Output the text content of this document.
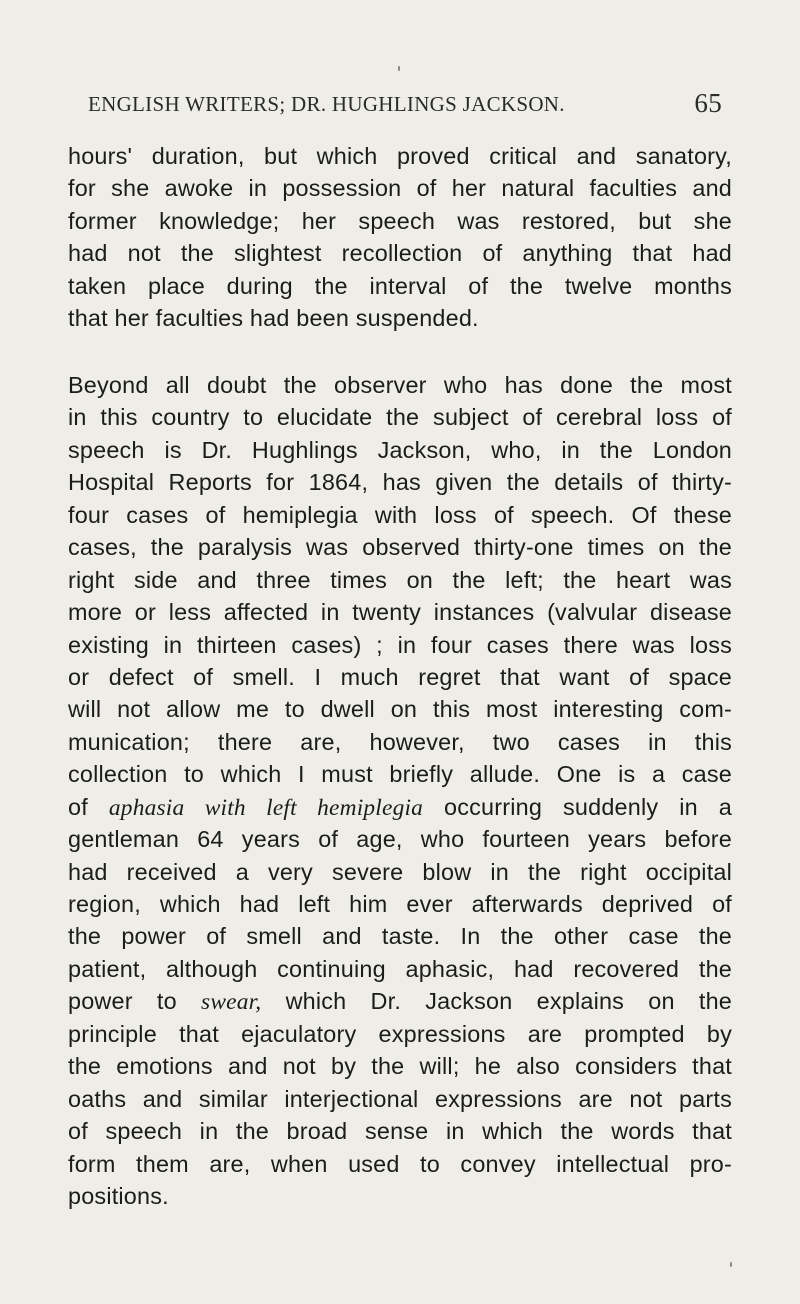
ENGLISH WRITERS; DR. HUGHLINGS JACKSON.	65
hours' duration, but which proved critical and sanatory,
for she awoke in possession of her natural faculties and
former knowledge; her speech was restored, but she
had not the slightest recollection of anything that had
taken place during the interval of the twelve months
that her faculties had been suspended.
Beyond all doubt the observer who has done the most
in this country to elucidate the subject of cerebral loss of
speech is Dr. Hughlings Jackson, who, in the London
Hospital Reports for 1864, has given the details of thirty-
four cases of hemiplegia with loss of speech. Of these
cases, the paralysis was observed thirty-one times on the
right side and three times on the left; the heart was
more or less affected in twenty instances (valvular disease
existing in thirteen cases) ; in four cases there was loss
or defect of smell. I much regret that want of space
will not allow me to dwell on this most interesting com-
munication; there are, however, two cases in this
collection to which I must briefly allude. One is a case
of aphasia with left hemiplegia occurring suddenly in a
gentleman 64 years of age, who fourteen years before
had received a very severe blow in the right occipital
region, which had left him ever afterwards deprived of
the power of smell and taste. In the other case the
patient, although continuing aphasic, had recovered the
power to swear, which Dr. Jackson explains on the
principle that ejaculatory expressions are prompted by
the emotions and not by the will; he also considers that
oaths and similar interjectional expressions are not parts
of speech in the broad sense in which the words that
form them are, when used to convey intellectual pro-
positions.
